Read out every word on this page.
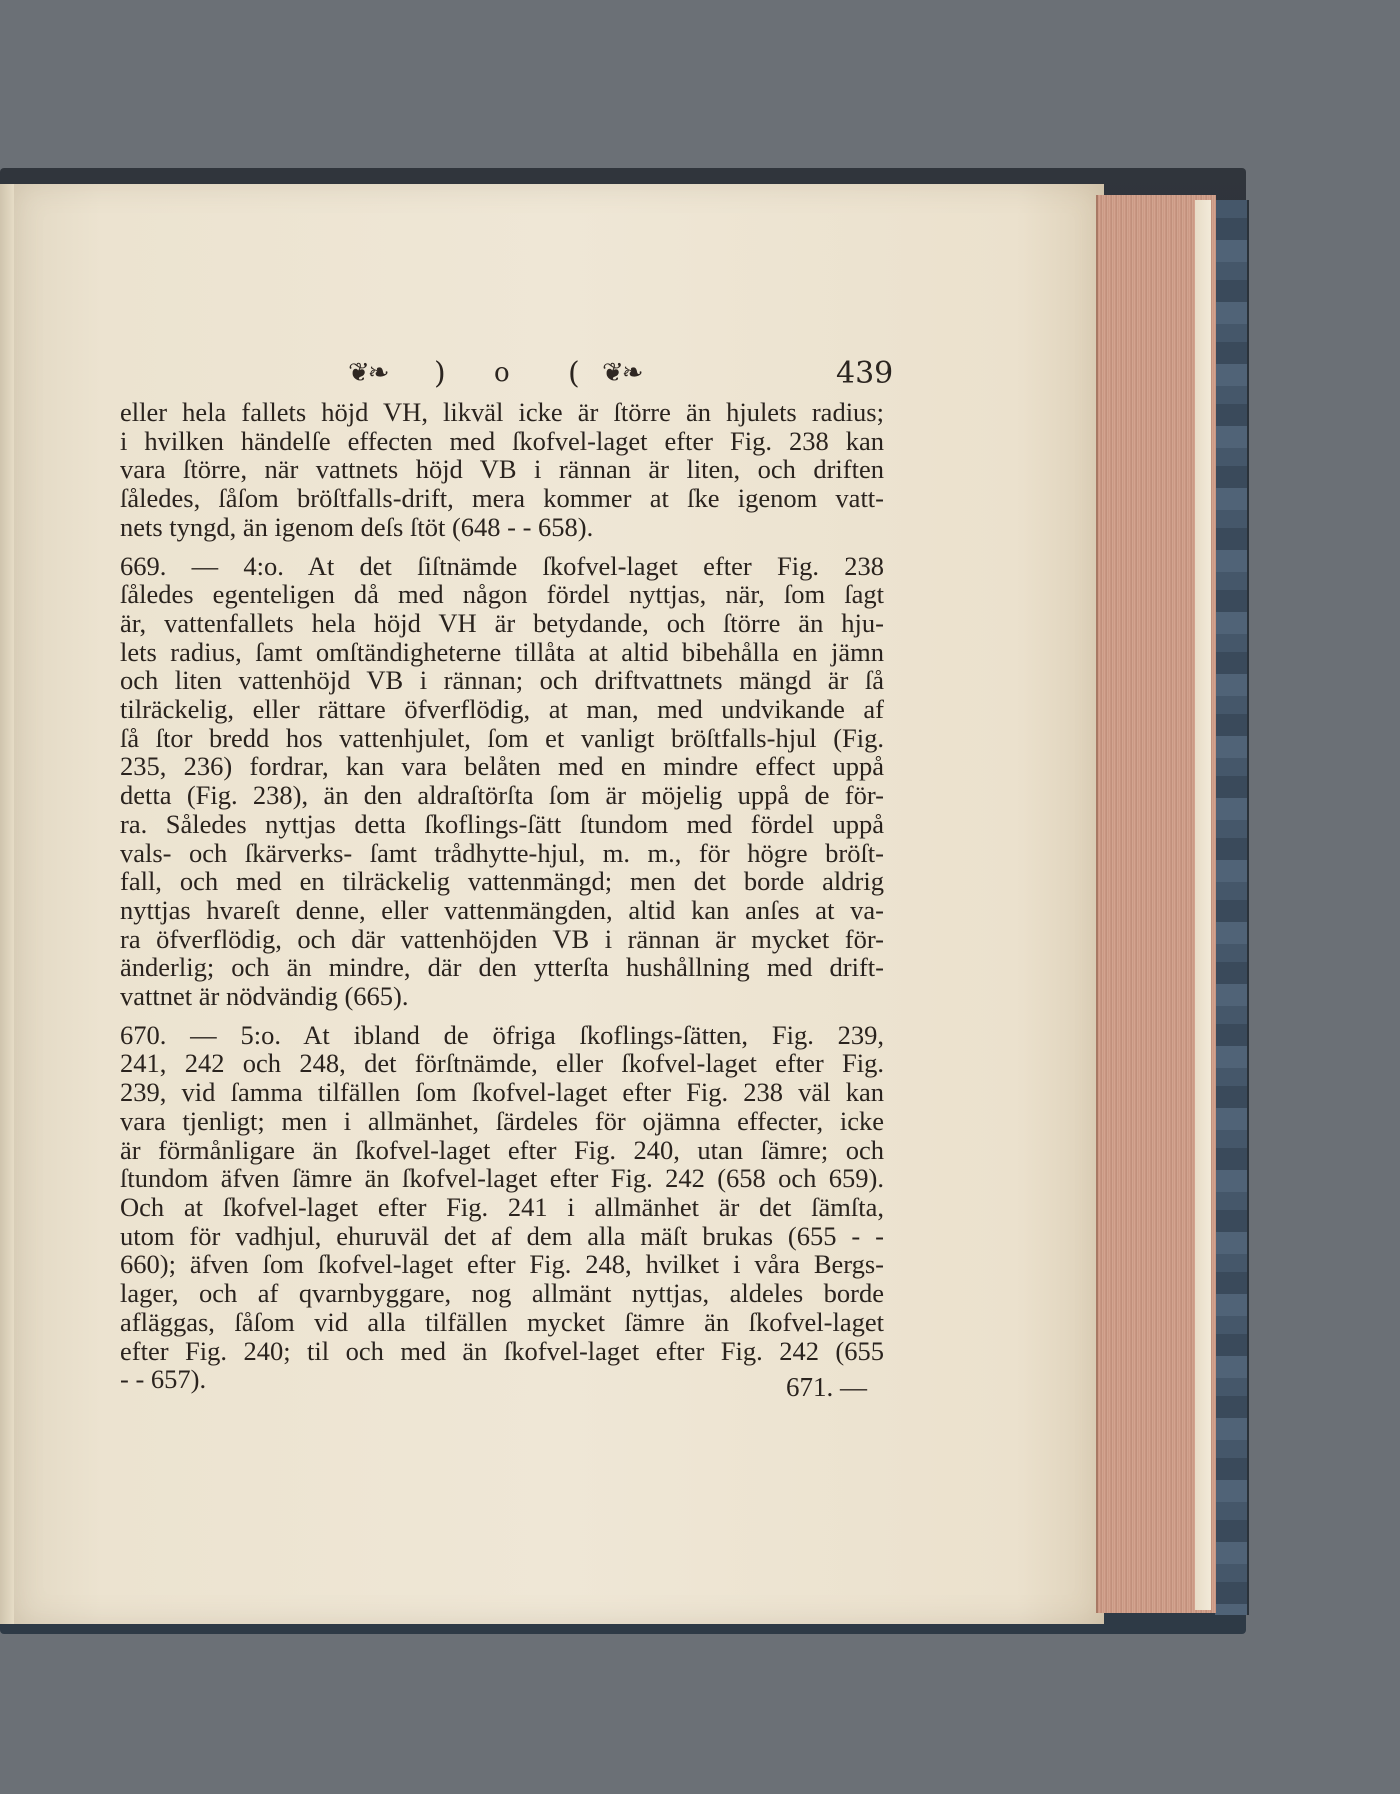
❦❧ ) o ( ❦❧	439
eller hela fallets höjd VH, likväl icke är ſtörre än hjulets radius;
i hvilken händelſe effecten med ſkofvel-laget efter Fig. 238 kan
vara ſtörre, när vattnets höjd VB i rännan är liten, och driften
ſåledes, ſåſom bröſtfalls-drift, mera kommer at ſke igenom vatt-
nets tyngd, än igenom deſs ſtöt (648 - - 658).
669. — 4:o. At det ſiſtnämde ſkofvel-laget efter Fig. 238
ſåledes egenteligen då med någon fördel nyttjas, när, ſom ſagt
är, vattenfallets hela höjd VH är betydande, och ſtörre än hju-
lets radius, ſamt omſtändigheterne tillåta at altid bibehålla en jämn
och liten vattenhöjd VB i rännan; och driftvattnets mängd är ſå
tilräckelig, eller rättare öfverflödig, at man, med undvikande af
ſå ſtor bredd hos vattenhjulet, ſom et vanligt bröſtfalls-hjul (Fig.
235, 236) fordrar, kan vara belåten med en mindre effect uppå
detta (Fig. 238), än den aldraſtörſta ſom är möjelig uppå de för-
ra. Således nyttjas detta ſkoflings-ſätt ſtundom med fördel uppå
vals- och ſkärverks- ſamt trådhytte-hjul, m. m., för högre bröſt-
fall, och med en tilräckelig vattenmängd; men det borde aldrig
nyttjas hvareſt denne, eller vattenmängden, altid kan anſes at va-
ra öfverflödig, och där vattenhöjden VB i rännan är mycket för-
änderlig; och än mindre, där den ytterſta hushållning med drift-
vattnet är nödvändig (665).
670. — 5:o. At ibland de öfriga ſkoflings-ſätten, Fig. 239,
241, 242 och 248, det förſtnämde, eller ſkofvel-laget efter Fig.
239, vid ſamma tilfällen ſom ſkofvel-laget efter Fig. 238 väl kan
vara tjenligt; men i allmänhet, ſärdeles för ojämna effecter, icke
är förmånligare än ſkofvel-laget efter Fig. 240, utan ſämre; och
ſtundom äfven ſämre än ſkofvel-laget efter Fig. 242 (658 och 659).
Och at ſkofvel-laget efter Fig. 241 i allmänhet är det ſämſta,
utom för vadhjul, ehuruväl det af dem alla mäſt brukas (655 - -
660); äfven ſom ſkofvel-laget efter Fig. 248, hvilket i våra Bergs-
lager, och af qvarnbyggare, nog allmänt nyttjas, aldeles borde
afläggas, ſåſom vid alla tilfällen mycket ſämre än ſkofvel-laget
efter Fig. 240; til och med än ſkofvel-laget efter Fig. 242 (655
- - 657).	671. —
